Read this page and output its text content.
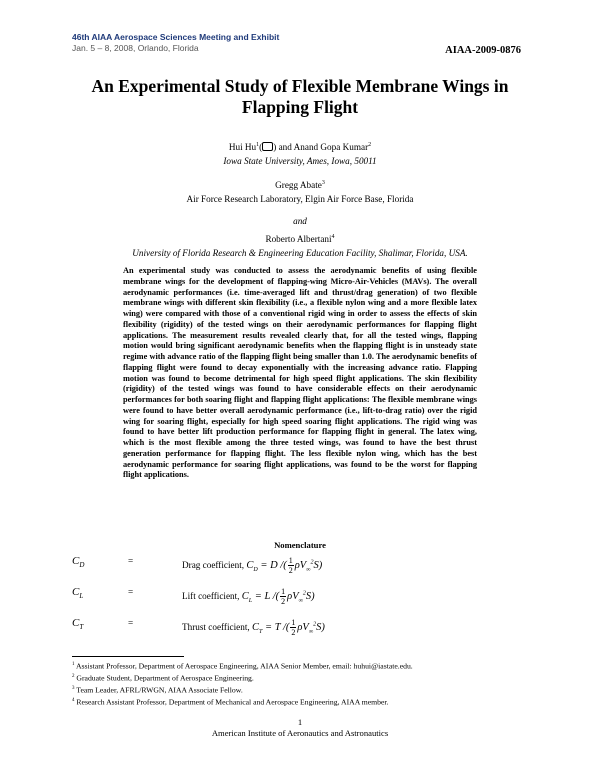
46th AIAA Aerospace Sciences Meeting and Exhibit
Jan. 5 – 8, 2008, Orlando, Florida	AIAA-2009-0876
An Experimental Study of Flexible Membrane Wings in Flapping Flight
Hui Hu$^1$( ) and Anand Gopa Kumar$^2$
Iowa State University, Ames, Iowa, 50011
Gregg Abate$^3$
Air Force Research Laboratory, Elgin Air Force Base, Florida
and
Roberto Albertani$^4$
University of Florida Research & Engineering Education Facility, Shalimar, Florida, USA.
An experimental study was conducted to assess the aerodynamic benefits of using flexible membrane wings for the development of flapping-wing Micro-Air-Vehicles (MAVs). The overall aerodynamic performances (i.e. time-averaged lift and thrust/drag generation) of two flexible membrane wings with different skin flexibility (i.e., a flexible nylon wing and a more flexible latex wing) were compared with those of a conventional rigid wing in order to assess the effects of skin flexibility (rigidity) of the tested wings on their aerodynamic performances for flapping flight applications. The measurement results revealed clearly that, for all the tested wings, flapping motion would bring significant aerodynamic benefits when the flapping flight is in unsteady state regime with advance ratio of the flapping flight being smaller than 1.0. The aerodynamic benefits of flapping flight were found to decay exponentially with the increasing advance ratio. Flapping motion was found to become detrimental for high speed flight applications. The skin flexibility (rigidity) of the tested wings was found to have considerable effects on their aerodynamic performances for both soaring flight and flapping flight applications: The flexible membrane wings were found to have better overall aerodynamic performance (i.e., lift-to-drag ratio) over the rigid wing for soaring flight, especially for high speed soaring flight applications. The rigid wing was found to have better lift production performance for flapping flight in general. The latex wing, which is the most flexible among the three tested wings, was found to have the best thrust generation performance for flapping flight. The less flexible nylon wing, which has the best aerodynamic performance for soaring flight applications, was found to be the worst for flapping flight applications.
Nomenclature
$C_D$	=	Drag coefficient, $C_D = D$ /( $\frac{1}{2} \rho V_\infty^2S$)
$C_L$	=	Lift coefficient, $C_L = L$ /( $\frac{1}{2} \rho V_\infty^2S$)
$C_T$	=	Thrust coefficient, $C_T = T$ /( $\frac{1}{2} \rho V_\infty^2S$)
$^1$ Assistant Professor, Department of Aerospace Engineering, AIAA Senior Member, email: huhui@iastate.edu.
$^2$ Graduate Student, Department of Aerospace Engineering.
$^3$ Team Leader, AFRL/RWGN, AIAA Associate Fellow.
$^4$ Research Assistant Professor, Department of Mechanical and Aerospace Engineering, AIAA member.
1
American Institute of Aeronautics and Astronautics
